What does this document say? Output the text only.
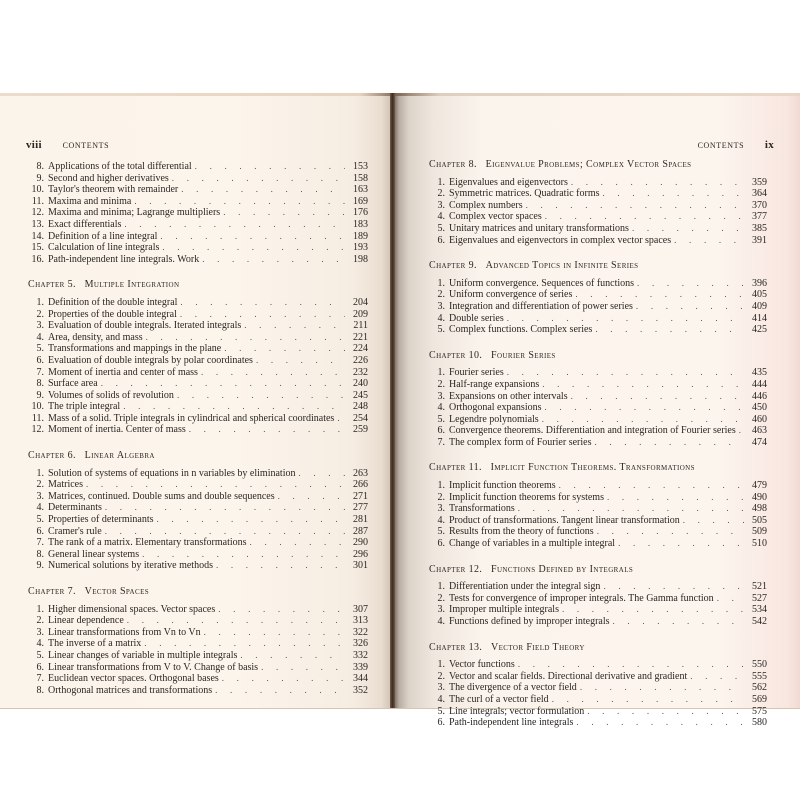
viii	CONTENTS
8. Applications of the total differential . . .	153
9. Second and higher derivatives . . .	158
10. Taylor's theorem with remainder . . .	163
11. Maxima and minima . . .	169
12. Maxima and minima; Lagrange multipliers . . .	176
13. Exact differentials . . .	183
14. Definition of a line integral . . .	189
15. Calculation of line integrals . . .	193
16. Path-independent line integrals. Work . . .	198
Chapter 5. Multiple Integration
1. Definition of the double integral . . .	204
2. Properties of the double integral . . .	209
3. Evaluation of double integrals. Iterated integrals . . .	211
4. Area, density, and mass . . .	221
5. Transformations and mappings in the plane . . .	224
6. Evaluation of double integrals by polar coordinates . . .	226
7. Moment of inertia and center of mass . . .	232
8. Surface area . . .	240
9. Volumes of solids of revolution . . .	245
10. The triple integral . . .	248
11. Mass of a solid. Triple integrals in cylindrical and spherical coordinates . . .	254
12. Moment of inertia. Center of mass . . .	259
Chapter 6. Linear Algebra
1. Solution of systems of equations in n variables by elimination . . .	263
2. Matrices . . .	266
3. Matrices, continued. Double sums and double sequences . . .	271
4. Determinants . . .	277
5. Properties of determinants . . .	281
6. Cramer's rule . . .	287
7. The rank of a matrix. Elementary transformations . . .	290
8. General linear systems . . .	296
9. Numerical solutions by iterative methods . . .	301
Chapter 7. Vector Spaces
1. Higher dimensional spaces. Vector spaces . . .	307
2. Linear dependence . . .	313
3. Linear transformations from Vn to Vn . . .	322
4. The inverse of a matrix . . .	326
5. Linear changes of variable in multiple integrals . . .	332
6. Linear transformations from V to V. Change of basis . . .	339
7. Euclidean vector spaces. Orthogonal bases . . .	344
8. Orthogonal matrices and transformations . . .	352
CONTENTS ix
Chapter 8. Eigenvalue Problems; Complex Vector Spaces
1. Eigenvalues and eigenvectors . . .	359
2. Symmetric matrices. Quadratic forms . . .	364
3. Complex numbers . . .	370
4. Complex vector spaces . . .	377
5. Unitary matrices and unitary transformations . . .	385
6. Eigenvalues and eigenvectors in complex vector spaces . . .	391
Chapter 9. Advanced Topics in Infinite Series
1. Uniform convergence. Sequences of functions . . .	396
2. Uniform convergence of series . . .	405
3. Integration and differentiation of power series . . .	409
4. Double series . . .	414
5. Complex functions. Complex series . . .	425
Chapter 10. Fourier Series
1. Fourier series . . .	435
2. Half-range expansions . . .	444
3. Expansions on other intervals . . .	446
4. Orthogonal expansions . . .	450
5. Legendre polynomials . . .	460
6. Convergence theorems. Differentiation and integration of Fourier series . . .	463
7. The complex form of Fourier series . . .	474
Chapter 11. Implicit Function Theorems. Transformations
1. Implicit function theorems . . .	479
2. Implicit function theorems for systems . . .	490
3. Transformations . . .	498
4. Product of transformations. Tangent linear transformation . . .	505
5. Results from the theory of functions . . .	509
6. Change of variables in a multiple integral . . .	510
Chapter 12. Functions Defined by Integrals
1. Differentiation under the integral sign . . .	521
2. Tests for convergence of improper integrals. The Gamma function . . .	527
3. Improper multiple integrals . . .	534
4. Functions defined by improper integrals . . .	542
Chapter 13. Vector Field Theory
1. Vector functions . . .	550
2. Vector and scalar fields. Directional derivative and gradient . . .	555
3. The divergence of a vector field . . .	562
4. The curl of a vector field . . .	569
5. Line integrals; vector formulation . . .	575
6. Path-independent line integrals . . .	580
